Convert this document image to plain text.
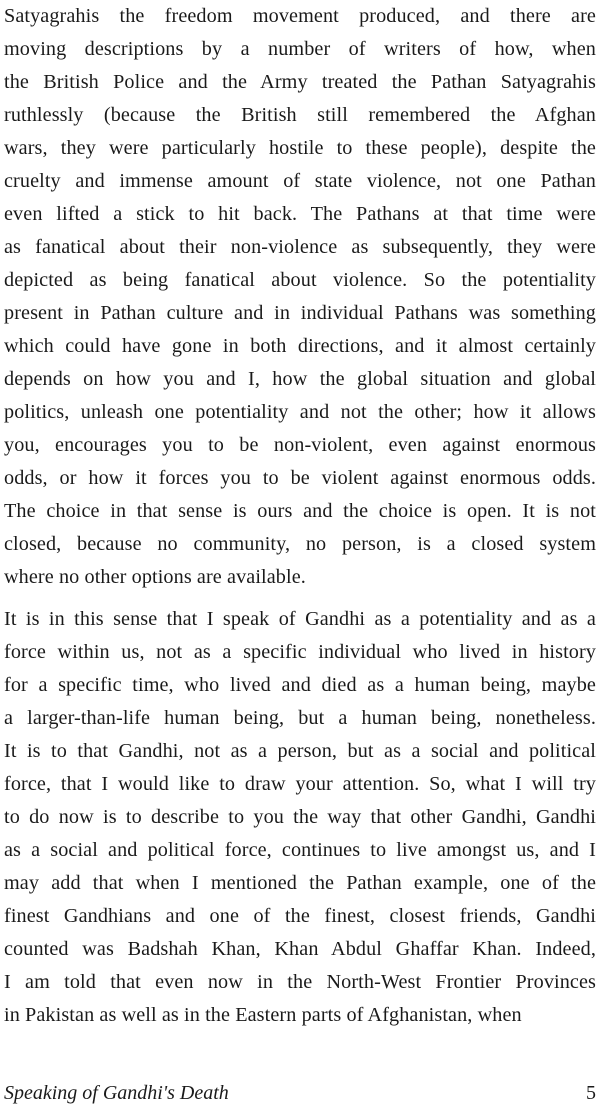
Satyagrahis the freedom movement produced, and there are
moving descriptions by a number of writers of how, when
the British Police and the Army treated the Pathan Satyagrahis
ruthlessly (because the British still remembered the Afghan
wars, they were particularly hostile to these people), despite the
cruelty and immense amount of state violence, not one Pathan
even lifted a stick to hit back. The Pathans at that time were
as fanatical about their non-violence as subsequently, they were
depicted as being fanatical about violence. So the potentiality
present in Pathan culture and in individual Pathans was something
which could have gone in both directions, and it almost certainly
depends on how you and I, how the global situation and global
politics, unleash one potentiality and not the other; how it allows
you, encourages you to be non-violent, even against enormous
odds, or how it forces you to be violent against enormous odds.
The choice in that sense is ours and the choice is open. It is not
closed, because no community, no person, is a closed system
where no other options are available.
It is in this sense that I speak of Gandhi as a potentiality and as a
force within us, not as a specific individual who lived in history
for a specific time, who lived and died as a human being, maybe
a larger-than-life human being, but a human being, nonetheless.
It is to that Gandhi, not as a person, but as a social and political
force, that I would like to draw your attention. So, what I will try
to do now is to describe to you the way that other Gandhi, Gandhi
as a social and political force, continues to live amongst us, and I
may add that when I mentioned the Pathan example, one of the
finest Gandhians and one of the finest, closest friends, Gandhi
counted was Badshah Khan, Khan Abdul Ghaffar Khan. Indeed,
I am told that even now in the North-West Frontier Provinces
in Pakistan as well as in the Eastern parts of Afghanistan, when
Speaking of Gandhi's Death	5
